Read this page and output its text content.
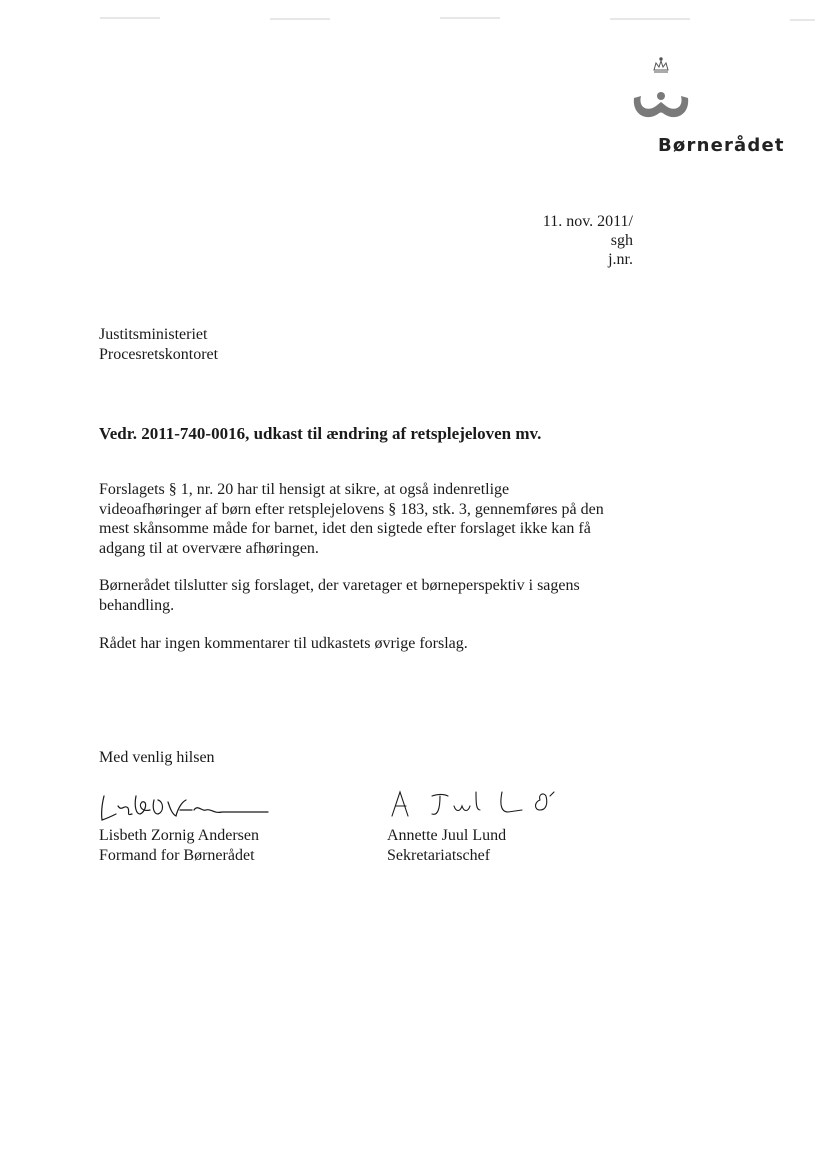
Børnerådet
11. nov. 2011/
sgh
j.nr.
Justitsministeriet
Procesretskontoret
Vedr. 2011-740-0016, udkast til ændring af retsplejeloven mv.
Forslagets § 1, nr. 20 har til hensigt at sikre, at også indenretlige
videoafhøringer af børn efter retsplejelovens § 183, stk. 3, gennemføres på den
mest skånsomme måde for barnet, idet den sigtede efter forslaget ikke kan få
adgang til at overvære afhøringen.
Børnerådet tilslutter sig forslaget, der varetager et børneperspektiv i sagens
behandling.
Rådet har ingen kommentarer til udkastets øvrige forslag.
Med venlig hilsen
Lisbeth Zornig Andersen
Formand for Børnerådet
Annette Juul Lund
Sekretariatschef
